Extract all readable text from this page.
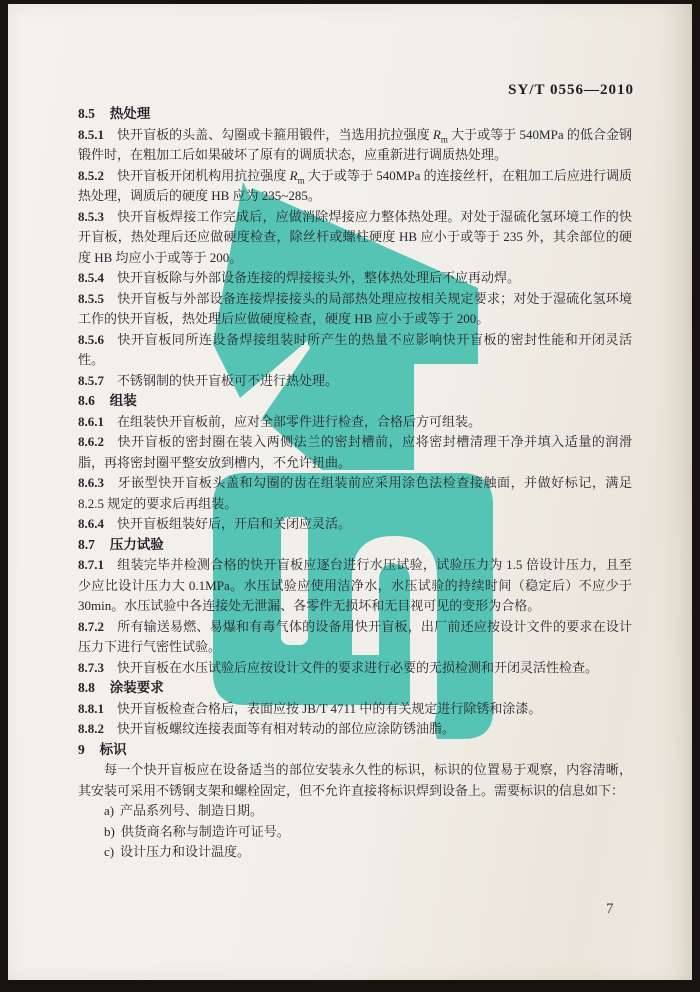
SY/T 0556—2010

8.5 热处理

8.5.1 快开盲板的头盖、勾圈或卡箍用锻件，当选用抗拉强度 $R_m$ 大于或等于 540MPa 的低合金钢锻件时，在粗加工后如果破坏了原有的调质状态，应重新进行调质热处理。

8.5.2 快开盲板开闭机构用抗拉强度 $R_m$ 大于或等于 540MPa 的连接丝杆，在粗加工后应进行调质热处理，调质后的硬度 HB 应为 235~285。

8.5.3 快开盲板焊接工作完成后，应做消除焊接应力整体热处理。对处于湿硫化氢环境工作的快开盲板，热处理后还应做硬度检查，除丝杆或螺柱硬度 HB 应小于或等于 235 外，其余部位的硬度 HB 均应小于或等于 200。

8.5.4 快开盲板除与外部设备连接的焊接接头外，整体热处理后不应再动焊。

8.5.5 快开盲板与外部设备连接焊接接头的局部热处理应按相关规定要求；对处于湿硫化氢环境工作的快开盲板，热处理后应做硬度检查，硬度 HB 应小于或等于 200。

8.5.6 快开盲板同所连设备焊接组装时所产生的热量不应影响快开盲板的密封性能和开闭灵活性。

8.5.7 不锈钢制的快开盲板可不进行热处理。

8.6 组装

8.6.1 在组装快开盲板前，应对全部零件进行检查，合格后方可组装。

8.6.2 快开盲板的密封圈在装入两侧法兰的密封槽前，应将密封槽清理干净并填入适量的润滑脂，再将密封圈平整安放到槽内，不允许扭曲。

8.6.3 牙嵌型快开盲板头盖和勾圈的齿在组装前应采用涂色法检查接触面，并做好标记，满足 8.2.5 规定的要求后再组装。

8.6.4 快开盲板组装好后，开启和关闭应灵活。

8.7 压力试验

8.7.1 组装完毕并检测合格的快开盲板应逐台进行水压试验，试验压力为 1.5 倍设计压力，且至少应比设计压力大 0.1MPa。水压试验应使用洁净水，水压试验的持续时间（稳定后）不应少于 30min。水压试验中各连接处无泄漏、各零件无损坏和无目视可见的变形为合格。

8.7.2 所有输送易燃、易爆和有毒气体的设备用快开盲板，出厂前还应按设计文件的要求在设计压力下进行气密性试验。

8.7.3 快开盲板在水压试验后应按设计文件的要求进行必要的无损检测和开闭灵活性检查。

8.8 涂装要求

8.8.1 快开盲板检查合格后，表面应按 JB/T 4711 中的有关规定进行除锈和涂漆。

8.8.2 快开盲板螺纹连接表面等有相对转动的部位应涂防锈油脂。

9 标识

每一个快开盲板应在设备适当的部位安装永久性的标识，标识的位置易于观察，内容清晰，其安装可采用不锈钢支架和螺栓固定，但不允许直接将标识焊到设备上。需要标识的信息如下：

a) 产品系列号、制造日期。

b) 供货商名称与制造许可证号。

c) 设计压力和设计温度。

7
